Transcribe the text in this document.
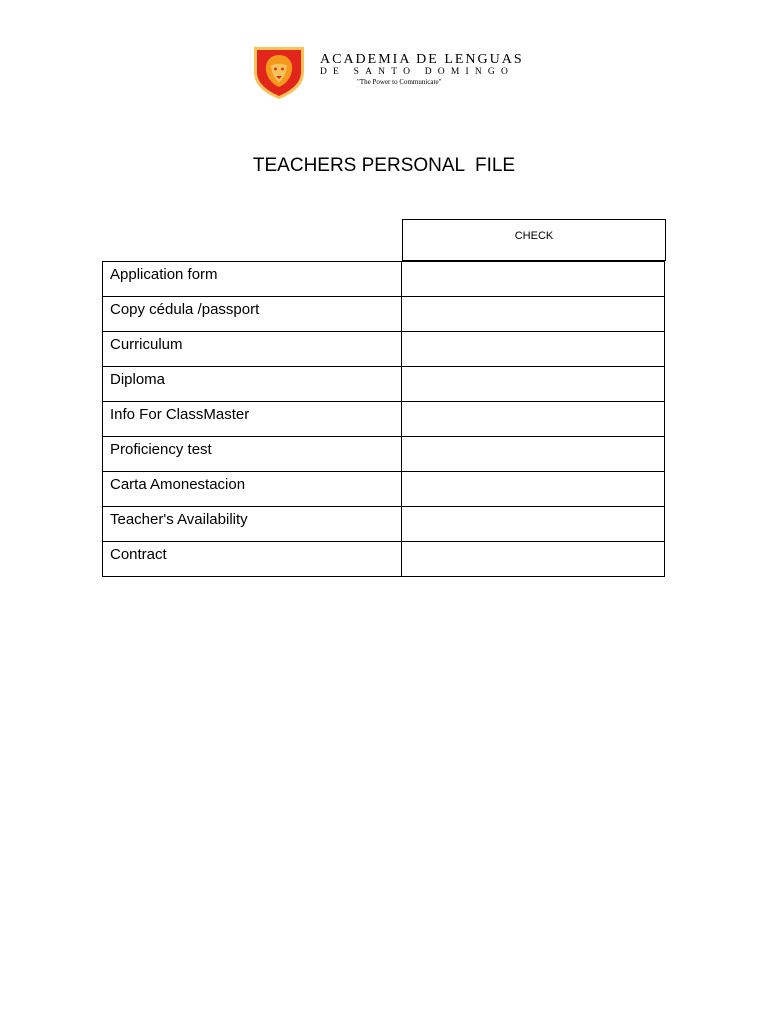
ACADEMIA DE LENGUAS
DE SANTO DOMINGO
"The Power to Communicate"
TEACHERS PERSONAL  FILE
CHECK
Application form	
Copy cédula /passport	
Curriculum	
Diploma	
Info For ClassMaster	
Proficiency test	
Carta Amonestacion	
Teacher's Availability	
Contract	
